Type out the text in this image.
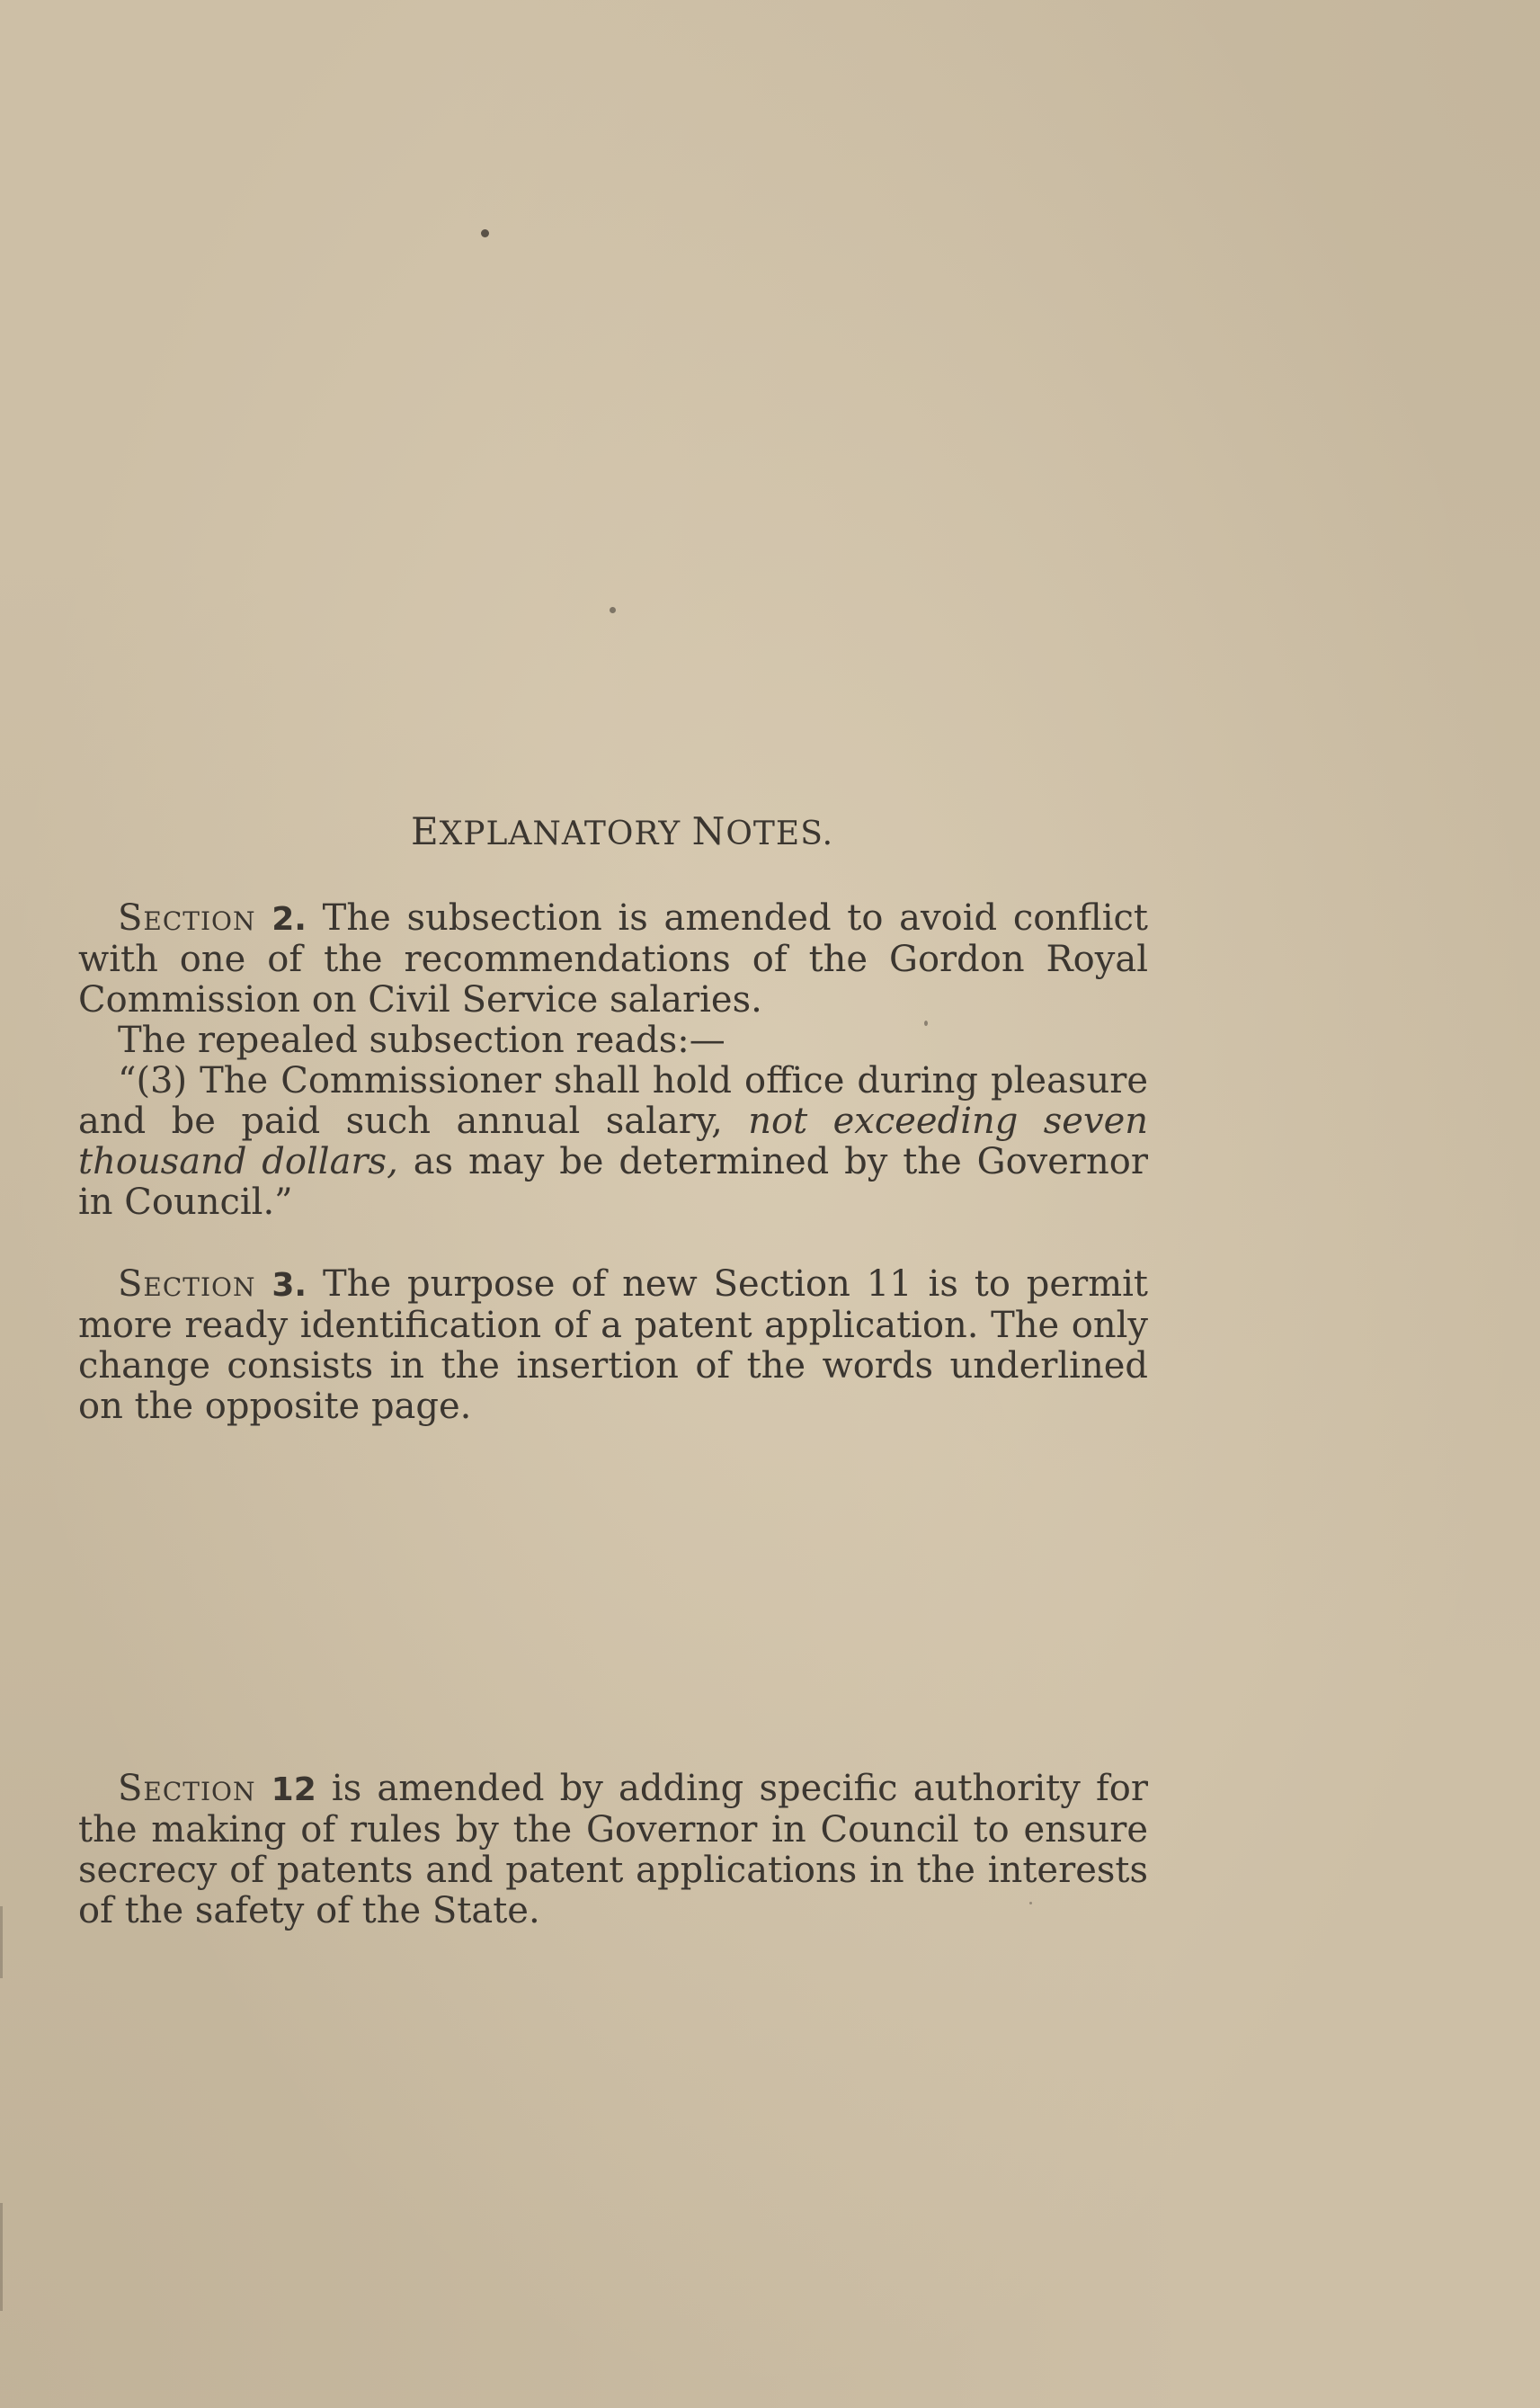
EXPLANATORY NOTES.

Section 2. The subsection is amended to avoid conflict with one of the recommendations of the Gordon Royal Commission on Civil Service salaries.

The repealed subsection reads:—

“(3) The Commissioner shall hold office during pleasure and be paid such annual salary, not exceeding seven thousand dollars, as may be determined by the Governor in Council.”

Section 3. The purpose of new Section 11 is to permit more ready identification of a patent application. The only change consists in the insertion of the words underlined on the opposite page.

Section 12 is amended by adding specific authority for the making of rules by the Governor in Council to ensure secrecy of patents and patent applications in the interests of the safety of the State.
